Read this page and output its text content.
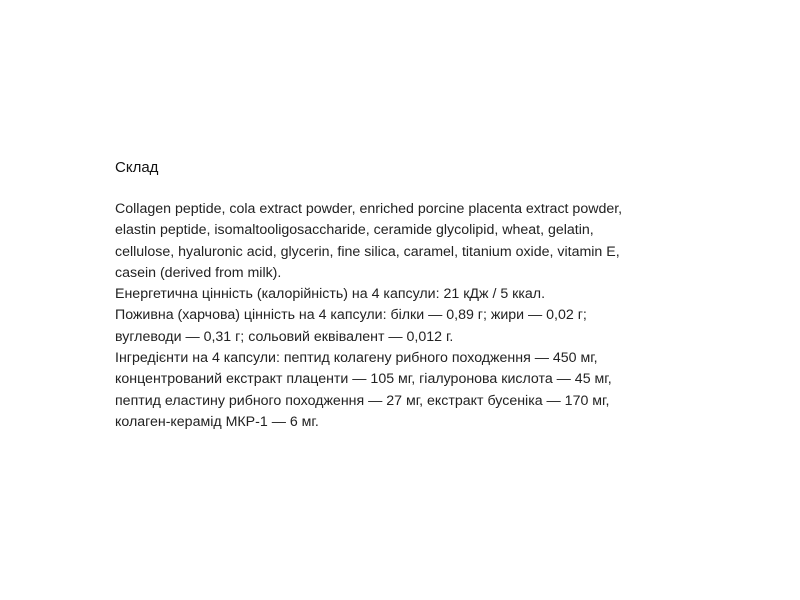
Склад

Collagen peptide, cola extract powder, enriched porcine placenta extract powder,
elastin peptide, isomaltooligosaccharide, ceramide glycolipid, wheat, gelatin,
cellulose, hyaluronic acid, glycerin, fine silica, caramel, titanium oxide, vitamin E,
casein (derived from milk).
Енергетична цінність (калорійність) на 4 капсули: 21 кДж / 5 ккал.
Поживна (харчова) цінність на 4 капсули: білки — 0,89 г; жири — 0,02 г;
вуглеводи — 0,31 г; сольовий еквівалент — 0,012 г.
Інгредієнти на 4 капсули: пептид колагену рибного походження — 450 мг,
концентрований екстракт плаценти — 105 мг, гіалуронова кислота — 45 мг,
пептид еластину рибного походження — 27 мг, екстракт бусеніка — 170 мг,
колаген-керамід МКР-1 — 6 мг.
